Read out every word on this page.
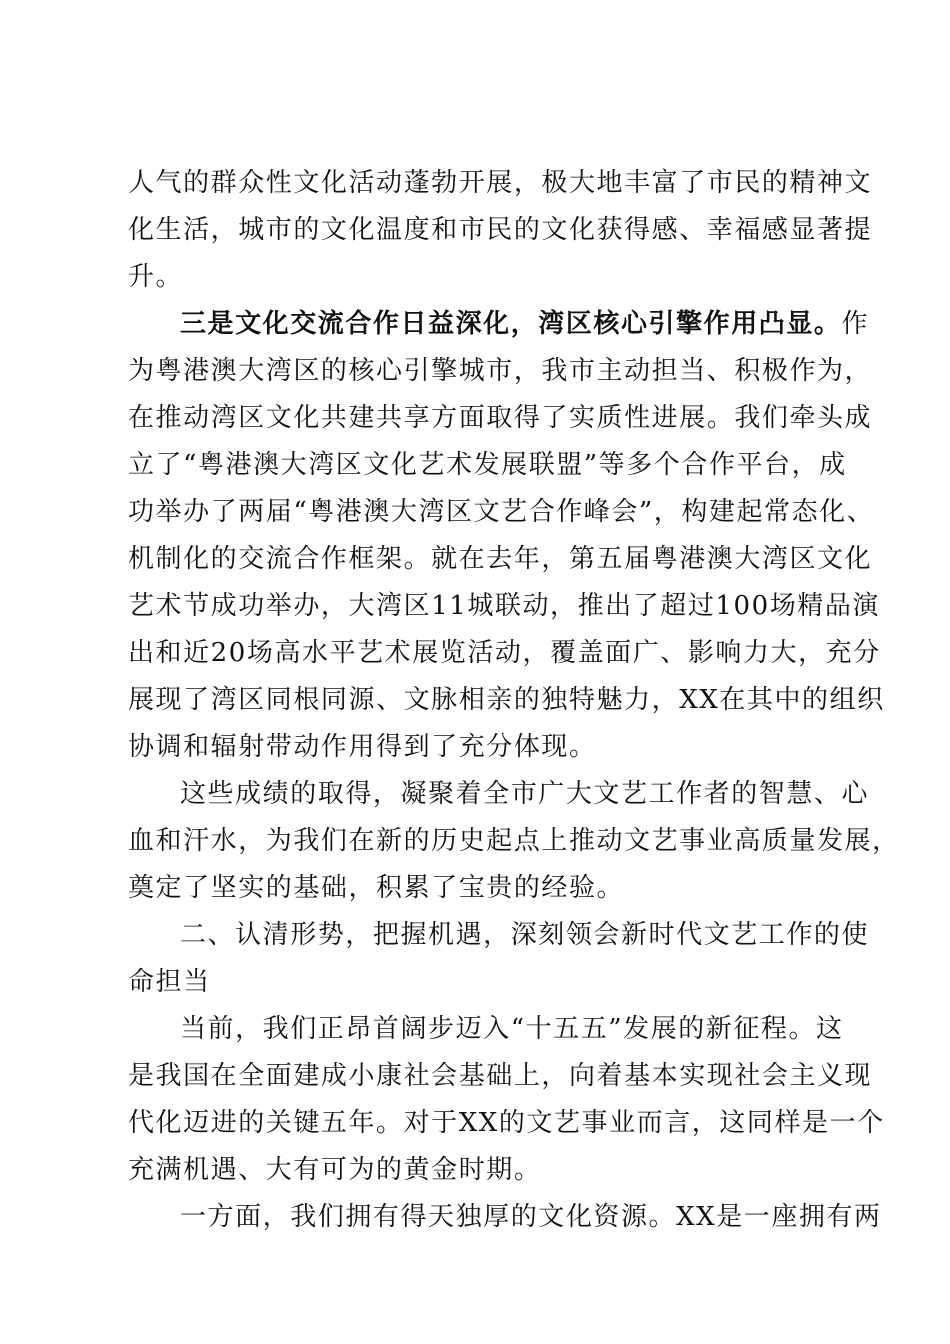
人气的群众性文化活动蓬勃开展，极大地丰富了市民的精神文
化生活，城市的文化温度和市民的文化获得感、幸福感显著提
升。
三是文化交流合作日益深化，湾区核心引擎作用凸显。作
为粤港澳大湾区的核心引擎城市，我市主动担当、积极作为，
在推动湾区文化共建共享方面取得了实质性进展。我们牵头成
立了“粤港澳大湾区文化艺术发展联盟”等多个合作平台，成
功举办了两届“粤港澳大湾区文艺合作峰会”，构建起常态化、
机制化的交流合作框架。就在去年，第五届粤港澳大湾区文化
艺术节成功举办，大湾区11城联动，推出了超过100场精品演
出和近20场高水平艺术展览活动，覆盖面广、影响力大，充分
展现了湾区同根同源、文脉相亲的独特魅力，XX在其中的组织
协调和辐射带动作用得到了充分体现。
这些成绩的取得，凝聚着全市广大文艺工作者的智慧、心
血和汗水，为我们在新的历史起点上推动文艺事业高质量发展，
奠定了坚实的基础，积累了宝贵的经验。
二、认清形势，把握机遇，深刻领会新时代文艺工作的使
命担当
当前，我们正昂首阔步迈入“十五五”发展的新征程。这
是我国在全面建成小康社会基础上，向着基本实现社会主义现
代化迈进的关键五年。对于XX的文艺事业而言，这同样是一个
充满机遇、大有可为的黄金时期。
一方面，我们拥有得天独厚的文化资源。XX是一座拥有两
